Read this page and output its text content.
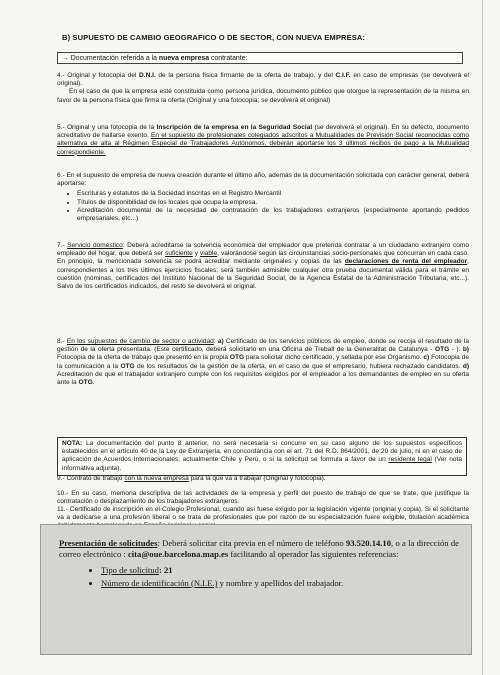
B) SUPUESTO DE CAMBIO GEOGRAFICO O DE SECTOR, CON NUEVA EMPRESA:
→ Documentación referida a la nueva empresa contratante:

4.- Original y fotocopia del D.N.I. de la persona física firmante de la oferta de trabajo, y del C.I.F. en caso de empresas (se devolverá el original).

En el caso de que la empresa esté constituida como persona jurídica, documento público que otorgue la representación de la misma en favor de la persona física que firma la oferta (Original y una fotocopia; se devolverá el original)

5.- Original y una fotocopia de la Inscripción de la empresa en la Seguridad Social (se devolverá el original). En su defecto, documento acreditativo de hallarse exento. En el supuesto de profesionales colegiados adscritos a Mutualidades de Previsión Social reconocidas como alternativa de alta al Régimen Especial de Trabajadores Autónomos, deberán aportarse los 3 últimos recibos de pago a la Mutualidad correspondiente.

6.- En el supuesto de empresa de nueva creación durante el último año, además de la documentación solicitada con carácter general, deberá aportarse:

• Escrituras y estatutos de la Sociedad inscritas en el Registro Mercantil
• Títulos de disponibilidad de los locales que ocupa la empresa.
• Acreditación documental de la necesidad de contratación de los trabajadores extranjeros (especialmente aportando pedidos empresariales, etc...)

7.- Servicio doméstico: Deberá acreditarse la solvencia económica del empleador que pretenda contratar a un ciudadano extranjero como empleado del hogar, que deberá ser suficiente y viable, valorándose según las circunstancias socio-personales que concurran en cada caso. En principio, la mencionada solvencia se podrá acreditar mediante originales y copias de las declaraciones de renta del empleador, correspondientes a los tres últimos ejercicios fiscales; será también admisible cualquier otra prueba documental válida para el trámite en cuestión (nóminas, certificados del Instituto Nacional de la Seguridad Social, de la Agencia Estatal de la Administración Tributaria, etc...). Salvo de los certificados indicados, del resto se devolverá el original.

8.- En los supuestos de cambio de sector o actividad: a) Certificado de los servicios públicos de empleo, donde se recoja el resultado de la gestión de la oferta presentada. (Este certificado, deberá solicitarlo en una Oficina de Treball de la Generalitat de Catalunya - OTG - ). b) Fotocopia de la oferta de trabajo que presentó en la propia OTG para solicitar dicho certificado, y sellada por ese Organismo. c) Fotocopia de la comunicación a la OTG de los resultados de la gestión de la oferta, en el caso de que el empresario, hubiera rechazado candidatos. d) Acreditación de que el trabajador extranjero cumple con los requisitos exigidos por el empleador a los demandantes de empleo en su oferta ante la OTG.

NOTA: La documentación del punto 8 anterior, no será necesaria si concurre en su caso alguno de los supuestos específicos establecidos en el artículo 40 de la Ley de Extranjería, en concordancia con el art. 71 del R.D. 864/2001, de 20 de julio, ni en el caso de aplicación de Acuerdos Internacionales; actualmente Chile y Perú, o si la solicitud se formula a favor de un residente legal (Ver nota informativa adjunta).

9.- Contrato de trabajo con la nueva empresa para la que va a trabajar (Original y fotocopia).

10.- En su caso, memoria descriptiva de las actividades de la empresa y perfil del puesto de trabajo de que se trate, que justifique la contratación o desplazamiento de los trabajadores extranjeros.

11.- Certificado de inscripción en el Colegio Profesional, cuando así fuese exigido por la legislación vigente (original y copia). Si el solicitante va a dedicarse a una profesión liberal o se trata de profesionales que por razón de su especialización fuere exigible, titulación académica

Presentación de solicitudes: Deberá solicitar cita previa en el número de teléfono 93.520.14.10, o a la dirección de correo electrónico : cita@oue.barcelona.map.es facilitando al operador las siguientes referencias:

• Tipo de solicitud: 21
• Número de identificación (N.I.E.) y nombre y apellidos del trabajador.
